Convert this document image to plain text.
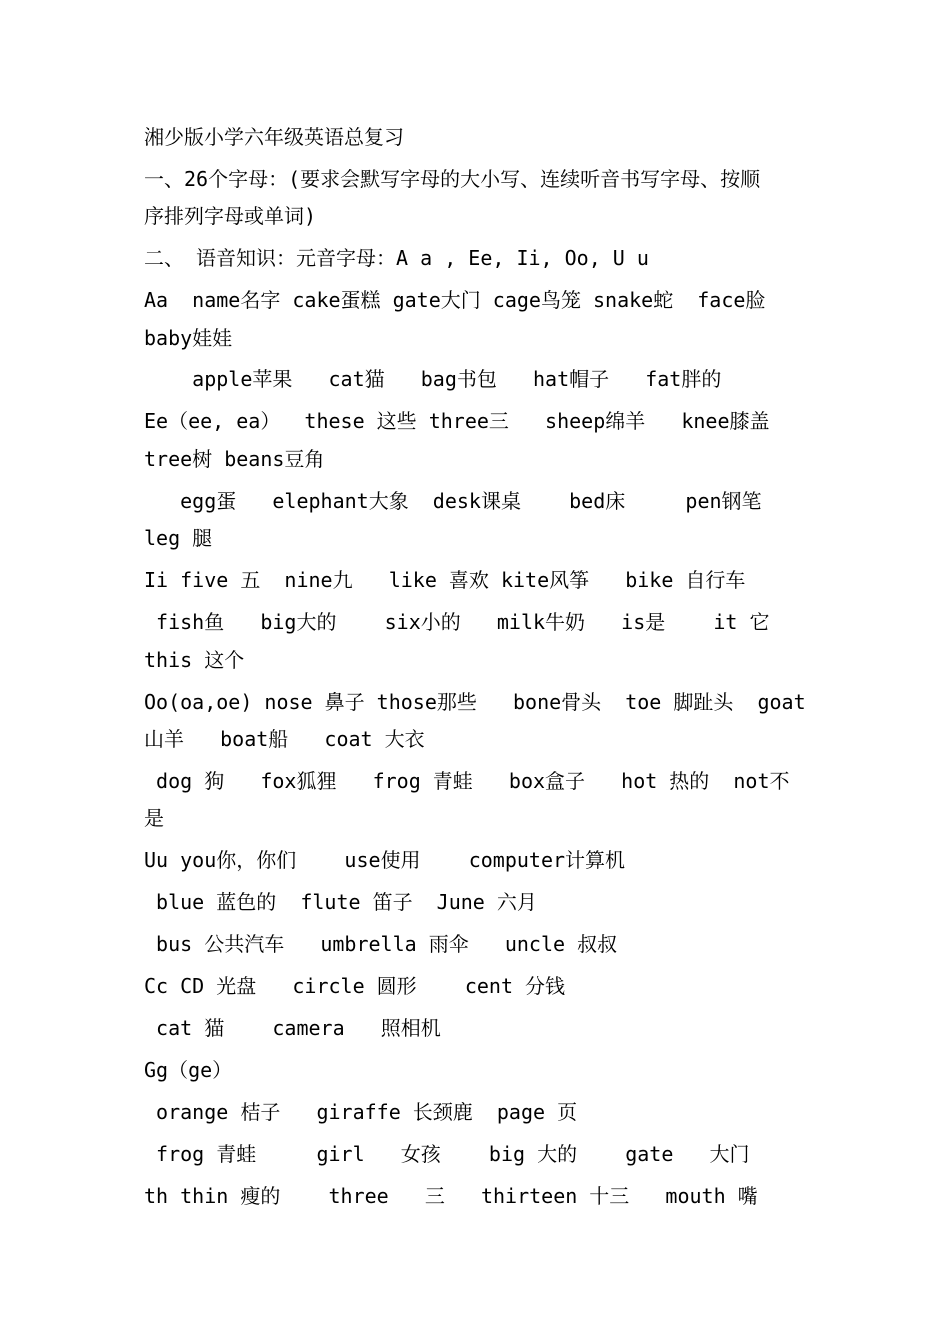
湘少版小学六年级英语总复习
一、26个字母：(要求会默写字母的大小写、连续听音书写字母、按顺
序排列字母或单词)
二、 语音知识：元音字母：A a , Ee, Ii, Oo, U u
Aa  name名字 cake蛋糕 gate大门 cage鸟笼 snake蛇  face脸
baby娃娃
apple苹果   cat猫   bag书包   hat帽子   fat胖的
Ee（ee, ea）  these 这些 three三   sheep绵羊   knee膝盖
tree树 beans豆角
egg蛋   elephant大象  desk课桌    bed床     pen钢笔
leg 腿
Ii five 五  nine九   like 喜欢 kite风筝   bike 自行车
fish鱼   big大的    six小的   milk牛奶   is是    it 它
this 这个
Oo(oa,oe) nose 鼻子 those那些   bone骨头  toe 脚趾头  goat
山羊   boat船   coat 大衣
dog 狗   fox狐狸   frog 青蛙   box盒子   hot 热的  not不
是
Uu you你，你们    use使用    computer计算机
blue 蓝色的  flute 笛子  June 六月
bus 公共汽车   umbrella 雨伞   uncle 叔叔
Cc CD 光盘   circle 圆形    cent 分钱
cat 猫    camera   照相机
Gg（ge）
orange 桔子   giraffe 长颈鹿  page 页
frog 青蛙     girl   女孩    big 大的    gate   大门
th thin 瘦的    three   三   thirteen 十三   mouth 嘴
